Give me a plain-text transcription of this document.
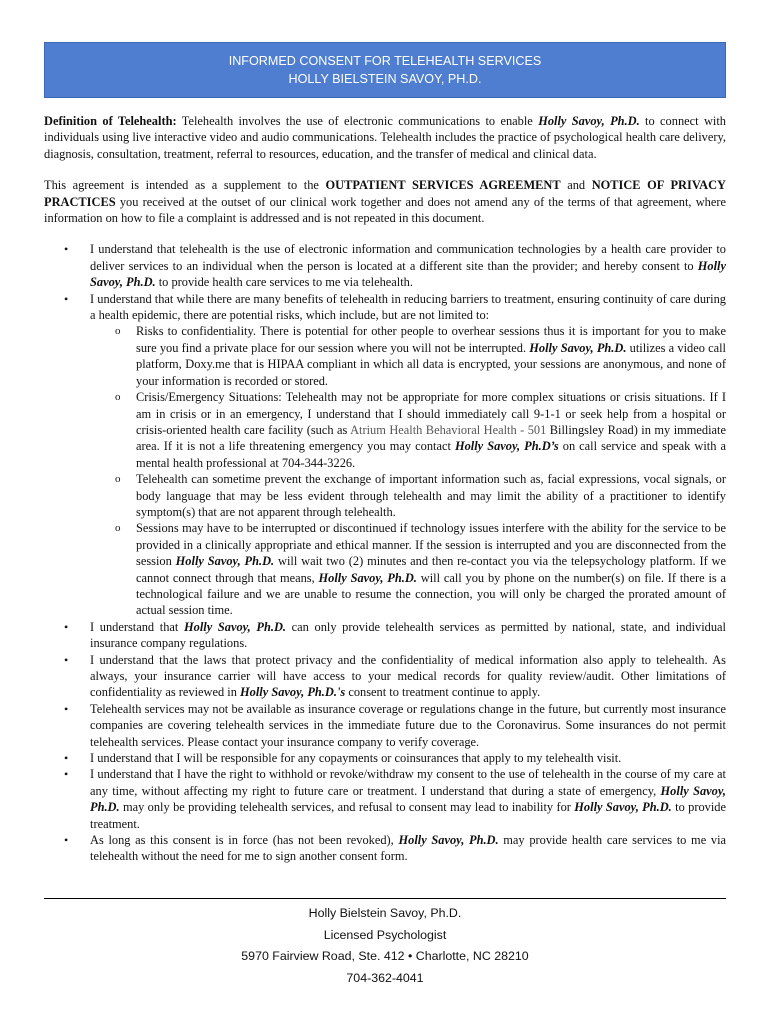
INFORMED CONSENT FOR TELEHEALTH SERVICES
HOLLY BIELSTEIN SAVOY, PH.D.

Definition of Telehealth: Telehealth involves the use of electronic communications to enable Holly Savoy, Ph.D. to connect with individuals using live interactive video and audio communications. Telehealth includes the practice of psychological health care delivery, diagnosis, consultation, treatment, referral to resources, education, and the transfer of medical and clinical data.

This agreement is intended as a supplement to the OUTPATIENT SERVICES AGREEMENT and NOTICE OF PRIVACY PRACTICES you received at the outset of our clinical work together and does not amend any of the terms of that agreement, where information on how to file a complaint is addressed and is not repeated in this document.

• I understand that telehealth is the use of electronic information and communication technologies by a health care provider to deliver services to an individual when the person is located at a different site than the provider; and hereby consent to Holly Savoy, Ph.D. to provide health care services to me via telehealth.
• I understand that while there are many benefits of telehealth in reducing barriers to treatment, ensuring continuity of care during a health epidemic, there are potential risks, which include, but are not limited to:
o Risks to confidentiality. There is potential for other people to overhear sessions thus it is important for you to make sure you find a private place for our session where you will not be interrupted. Holly Savoy, Ph.D. utilizes a video call platform, Doxy.me that is HIPAA compliant in which all data is encrypted, your sessions are anonymous, and none of your information is recorded or stored.
o Crisis/Emergency Situations: Telehealth may not be appropriate for more complex situations or crisis situations. If I am in crisis or in an emergency, I understand that I should immediately call 9-1-1 or seek help from a hospital or crisis-oriented health care facility (such as Atrium Health Behavioral Health - 501 Billingsley Road) in my immediate area. If it is not a life threatening emergency you may contact Holly Savoy, Ph.D’s on call service and speak with a mental health professional at 704-344-3226.
o Telehealth can sometime prevent the exchange of important information such as, facial expressions, vocal signals, or body language that may be less evident through telehealth and may limit the ability of a practitioner to identify symptom(s) that are not apparent through telehealth.
o Sessions may have to be interrupted or discontinued if technology issues interfere with the ability for the service to be provided in a clinically appropriate and ethical manner. If the session is interrupted and you are disconnected from the session Holly Savoy, Ph.D. will wait two (2) minutes and then re-contact you via the telepsychology platform. If we cannot connect through that means, Holly Savoy, Ph.D. will call you by phone on the number(s) on file. If there is a technological failure and we are unable to resume the connection, you will only be charged the prorated amount of actual session time.
• I understand that Holly Savoy, Ph.D. can only provide telehealth services as permitted by national, state, and individual insurance company regulations.
• I understand that the laws that protect privacy and the confidentiality of medical information also apply to telehealth. As always, your insurance carrier will have access to your medical records for quality review/audit. Other limitations of confidentiality as reviewed in Holly Savoy, Ph.D.'s consent to treatment continue to apply.
• Telehealth services may not be available as insurance coverage or regulations change in the future, but currently most insurance companies are covering telehealth services in the immediate future due to the Coronavirus. Some insurances do not permit telehealth services. Please contact your insurance company to verify coverage.
• I understand that I will be responsible for any copayments or coinsurances that apply to my telehealth visit.
• I understand that I have the right to withhold or revoke/withdraw my consent to the use of telehealth in the course of my care at any time, without affecting my right to future care or treatment. I understand that during a state of emergency, Holly Savoy, Ph.D. may only be providing telehealth services, and refusal to consent may lead to inability for Holly Savoy, Ph.D. to provide treatment.
• As long as this consent is in force (has not been revoked), Holly Savoy, Ph.D. may provide health care services to me via telehealth without the need for me to sign another consent form.
Holly Bielstein Savoy, Ph.D.
Licensed Psychologist
5970 Fairview Road, Ste. 412 • Charlotte, NC 28210
704-362-4041
